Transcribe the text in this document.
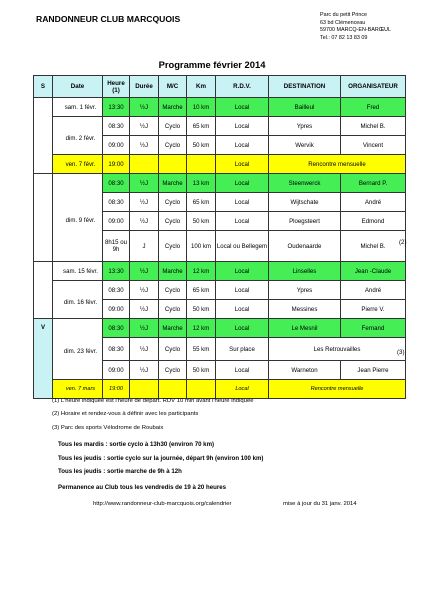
RANDONNEUR CLUB MARCQUOIS	Parc du petit Prince
63 bd Clémenceau
59700 MARCQ-EN-BARŒUL
Tel.: 07 82 13 83 09
Programme février 2014
S	Date	Heure (1)	Durée	M/C	Km	R.D.V.	DESTINATION	ORGANISATEUR
	sam. 1 févr.	13:30	½J	Marche	10 km	Local	Bailleul	Fred
	dim. 2 févr.	08:30	½J	Cyclo	65 km	Local	Ypres	Michel B.
		09:00	½J	Cyclo	50 km	Local	Wervik	Vincent
	ven. 7 févr.	19:00				Local	Rencontre mensuelle	
	dim. 9 févr.	08:30	½J	Marche	13 km	Local	Steenwerck	Bernard P.
		08:30	½J	Cyclo	65 km	Local	Wijtschate	André
		09:00	½J	Cyclo	50 km	Local	Ploegsteert	Edmond
		8h15 ou 9h	J	Cyclo	100 km	Local ou Bellegem	Oudenaarde	Michel B.
	sam. 15 févr.	13:30	½J	Marche	12 km	Local	Linselles	Jean -Claude
	dim. 16 févr.	08:30	½J	Cyclo	65 km	Local	Ypres	André
		09:00	½J	Cyclo	50 km	Local	Messines	Pierre V.
V	dim. 23 févr.	08:30	½J	Marche	12 km	Local	Le Mesnil	Fernand
		08:30	½J	Cyclo	55 km	Sur place	Les Retrouvailles	
		09:00	½J	Cyclo	50 km	Local	Warneton	Jean Pierre
	ven. 7 mars	19:00				Local	Rencontre mensuelle	
(2)
(3)
(1) L'heure indiquée est l'heure de départ. RDV 10 min avant l'heure indiquée
(2) Horaire et rendez-vous à définir avec les participants
(3) Parc des sports Vélodrome de Roubaix
Tous les mardis : sortie cyclo à 13h30 (environ 70 km)
Tous les jeudis : sortie cyclo sur la journée, départ 9h (environ 100 km)
Tous les jeudis : sortie marche de 9h à 12h
Permanence au Club tous les vendredis de 19 à 20 heures
http://www.randonneur-club-marcquois.org/calendrier	mise à jour du 31 janv. 2014
